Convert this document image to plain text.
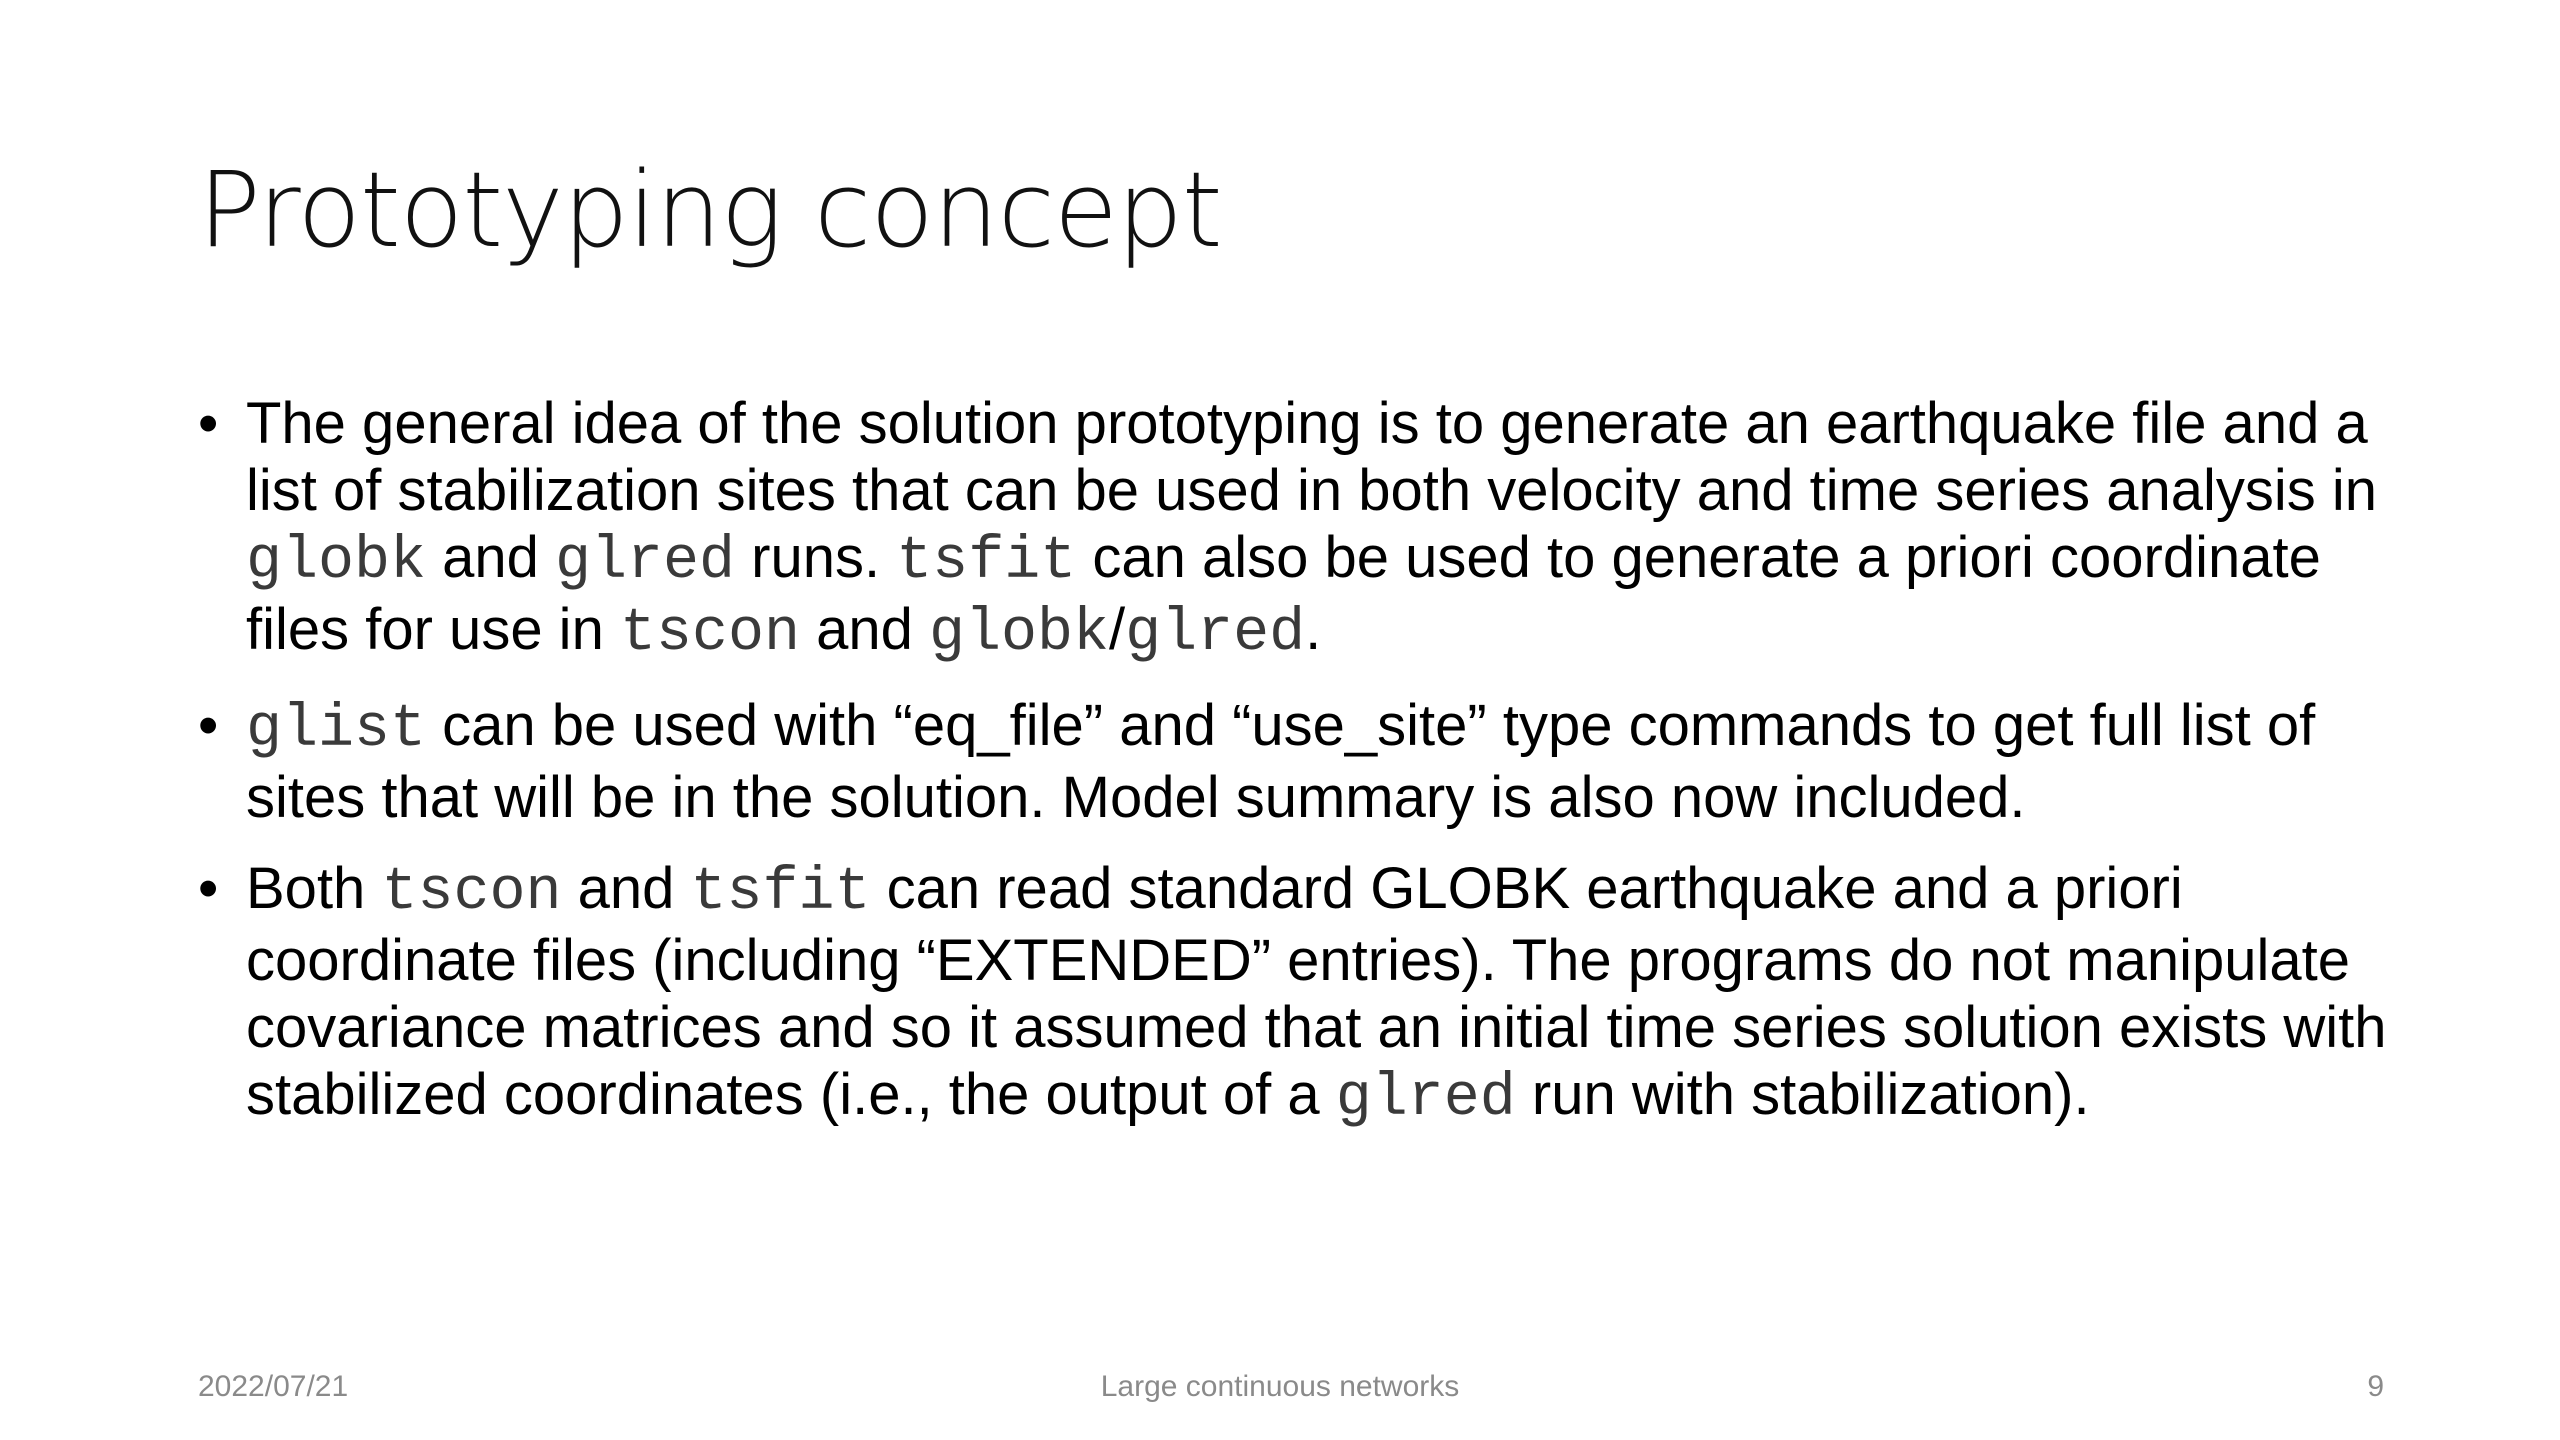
Prototyping concept
• The general idea of the solution prototyping is to generate an earthquake file and a list of stabilization sites that can be used in both velocity and time series analysis in globk and glred runs. tsfit can also be used to generate a priori coordinate files for use in tscon and globk/glred.
• glist can be used with “eq_file” and “use_site” type commands to get full list of sites that will be in the solution. Model summary is also now included.
• Both tscon and tsfit can read standard GLOBK earthquake and a priori coordinate files (including “EXTENDED” entries). The programs do not manipulate covariance matrices and so it assumed that an initial time series solution exists with stabilized coordinates (i.e., the output of a glred run with stabilization).
2022/07/21	Large continuous networks	9
